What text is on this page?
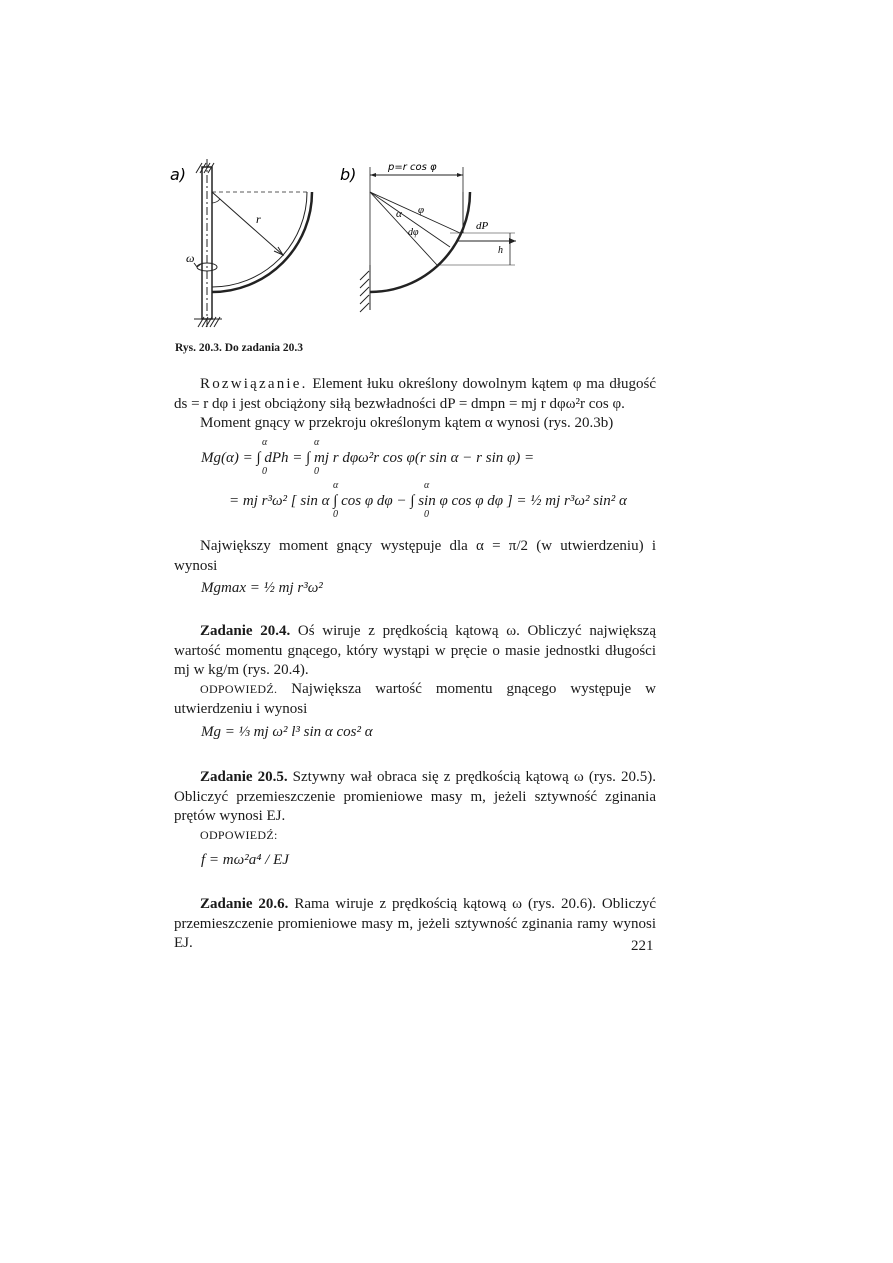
a)
r
ω
b)	p=r cos φ
α φ
dφ
dP
h
Rys. 20.3. Do zadania 20.3
Rozwiązanie. Element łuku określony dowolnym kątem φ ma długość ds = r dφ i jest obciążony siłą bezwładności dP = dmpn = mj r dφω²r cos φ.
Moment gnący w przekroju określonym kątem α wynosi (rys. 20.3b)
Mg(α) = ∫ dPh = ∫ mj r dφω²r cos φ(r sin α − r sin φ) =
α	α
0	0
= mj r³ω² [ sin α ∫ cos φ dφ − ∫ sin φ cos φ dφ ] = ½ mj r³ω² sin² α
α	α
0	0
Największy moment gnący występuje dla α = π/2 (w utwierdzeniu) i wynosi
Mgmax = ½ mj r³ω²
Zadanie 20.4. Oś wiruje z prędkością kątową ω. Obliczyć największą wartość momentu gnącego, który wystąpi w pręcie o masie jednostki długości mj w kg/m (rys. 20.4).
ODPOWIEDŹ. Największa wartość momentu gnącego występuje w utwierdzeniu i wynosi
Mg = ⅓ mj ω² l³ sin α cos² α
Zadanie 20.5. Sztywny wał obraca się z prędkością kątową ω (rys. 20.5). Obliczyć przemieszczenie promieniowe masy m, jeżeli sztywność zginania prętów wynosi EJ.
ODPOWIEDŹ:
f = mω²a⁴ / EJ
Zadanie 20.6. Rama wiruje z prędkością kątową ω (rys. 20.6). Obliczyć przemieszczenie promieniowe masy m, jeżeli sztywność zginania ramy wynosi EJ.	221
